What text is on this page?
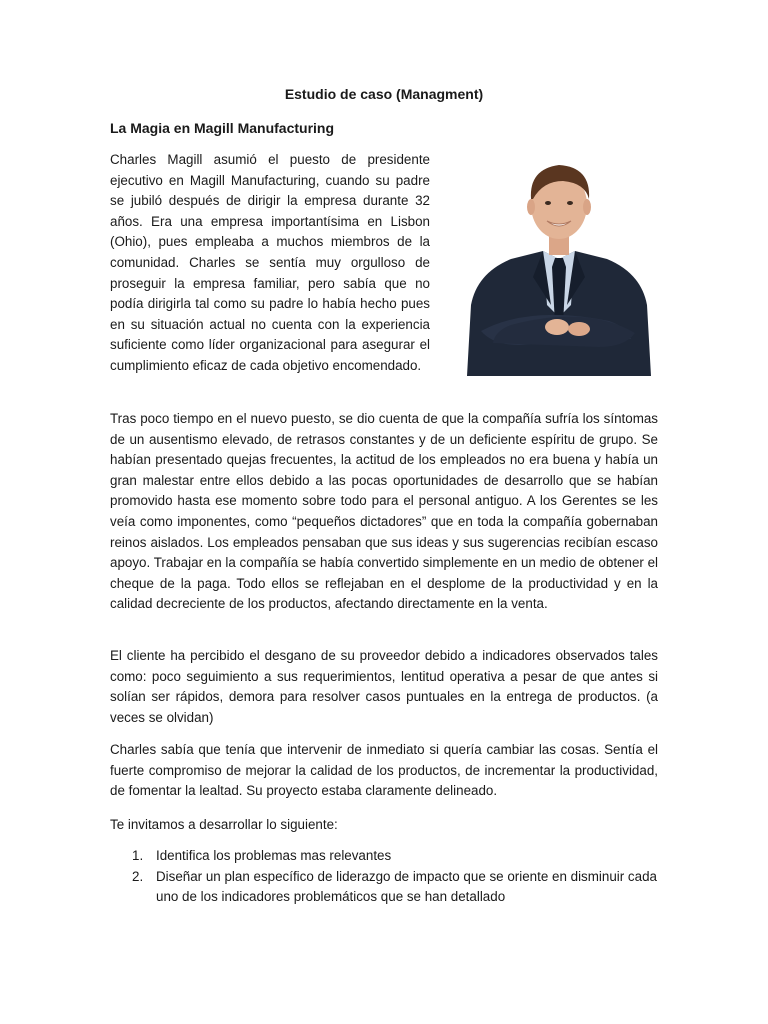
Estudio de caso (Managment)
La Magia en Magill Manufacturing

Charles Magill asumió el puesto de presidente ejecutivo en Magill Manufacturing, cuando su padre se jubiló después de dirigir la empresa durante 32 años. Era una empresa importantísima en Lisbon (Ohio), pues empleaba a muchos miembros de la comunidad. Charles se sentía muy orgulloso de proseguir la empresa familiar, pero sabía que no podía dirigirla tal como su padre lo había hecho pues en su situación actual no cuenta con la experiencia suficiente como líder organizacional para asegurar el cumplimiento eficaz de cada objetivo encomendado.

Tras poco tiempo en el nuevo puesto, se dio cuenta de que la compañía sufría los síntomas de un ausentismo elevado, de retrasos constantes y de un deficiente espíritu de grupo. Se habían presentado quejas frecuentes, la actitud de los empleados no era buena y había un gran malestar entre ellos debido a las pocas oportunidades de desarrollo que se habían promovido hasta ese momento sobre todo para el personal antiguo. A los Gerentes se les veía como imponentes, como “pequeños dictadores” que en toda la compañía gobernaban reinos aislados. Los empleados pensaban que sus ideas y sus sugerencias recibían escaso apoyo. Trabajar en la compañía se había convertido simplemente en un medio de obtener el cheque de la paga. Todo ellos se reflejaban en el desplome de la productividad y en la calidad decreciente de los productos, afectando directamente en la venta.

El cliente ha percibido el desgano de su proveedor debido a indicadores observados tales como: poco seguimiento a sus requerimientos, lentitud operativa a pesar de que antes si solían ser rápidos, demora para resolver casos puntuales en la entrega de productos. (a veces se olvidan)

Charles sabía que tenía que intervenir de inmediato si quería cambiar las cosas. Sentía el fuerte compromiso de mejorar la calidad de los productos, de incrementar la productividad, de fomentar la lealtad. Su proyecto estaba claramente delineado.

Te invitamos a desarrollar lo siguiente:

1. Identifica los problemas mas relevantes
2. Diseñar un plan específico de liderazgo de impacto que se oriente en disminuir cada uno de los indicadores problemáticos que se han detallado
